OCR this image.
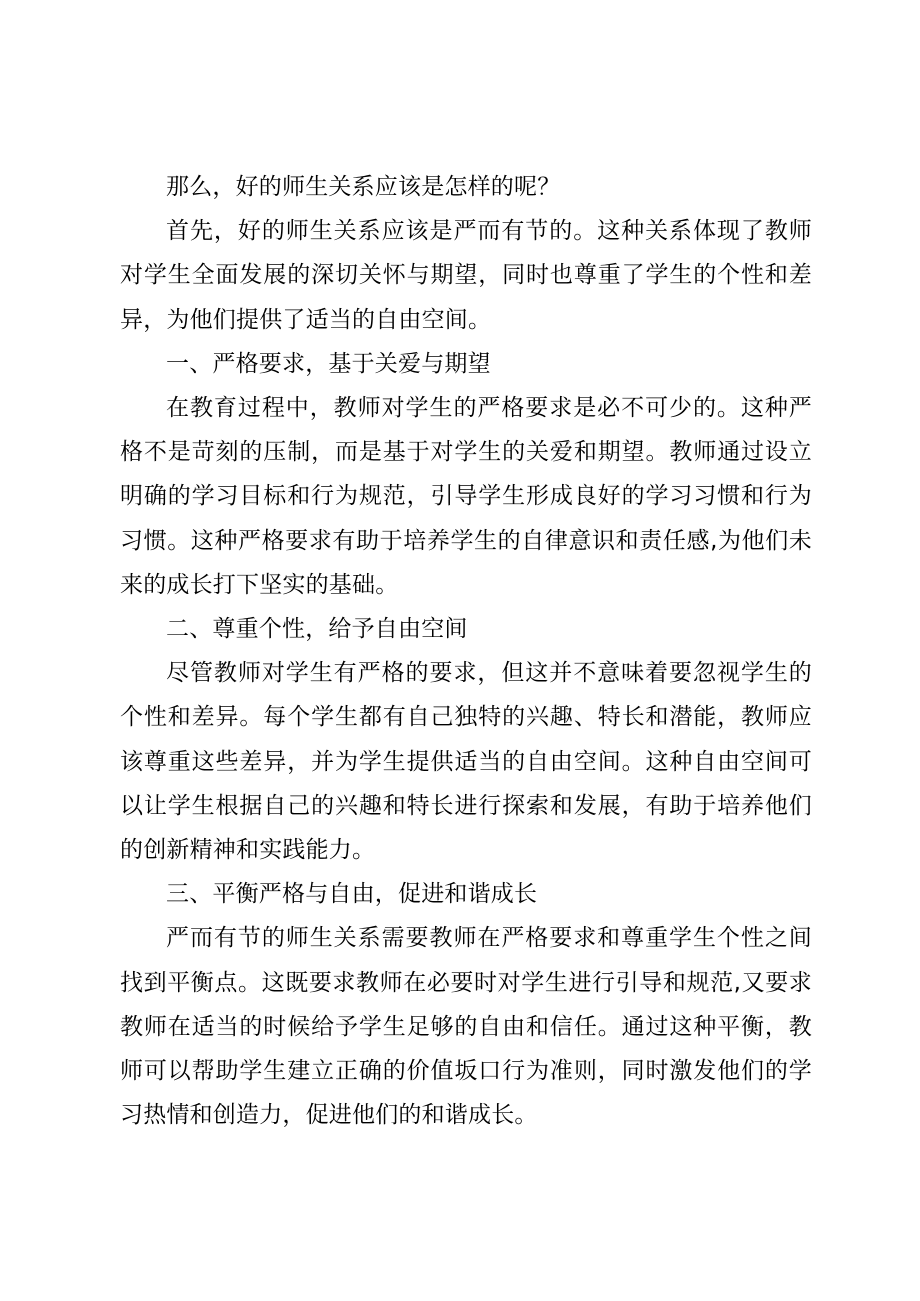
那么，好的师生关系应该是怎样的呢？

首先，好的师生关系应该是严而有节的。这种关系体现了教师对学生全面发展的深切关怀与期望，同时也尊重了学生的个性和差异，为他们提供了适当的自由空间。

一、严格要求，基于关爱与期望

在教育过程中，教师对学生的严格要求是必不可少的。这种严格不是苛刻的压制，而是基于对学生的关爱和期望。教师通过设立明确的学习目标和行为规范，引导学生形成良好的学习习惯和行为习惯。这种严格要求有助于培养学生的自律意识和责任感,为他们未来的成长打下坚实的基础。

二、尊重个性，给予自由空间

尽管教师对学生有严格的要求，但这并不意味着要忽视学生的个性和差异。每个学生都有自己独特的兴趣、特长和潜能，教师应该尊重这些差异，并为学生提供适当的自由空间。这种自由空间可以让学生根据自己的兴趣和特长进行探索和发展，有助于培养他们的创新精神和实践能力。

三、平衡严格与自由，促进和谐成长

严而有节的师生关系需要教师在严格要求和尊重学生个性之间找到平衡点。这既要求教师在必要时对学生进行引导和规范,又要求教师在适当的时候给予学生足够的自由和信任。通过这种平衡，教师可以帮助学生建立正确的价值坂口行为准则，同时激发他们的学习热情和创造力，促进他们的和谐成长。
